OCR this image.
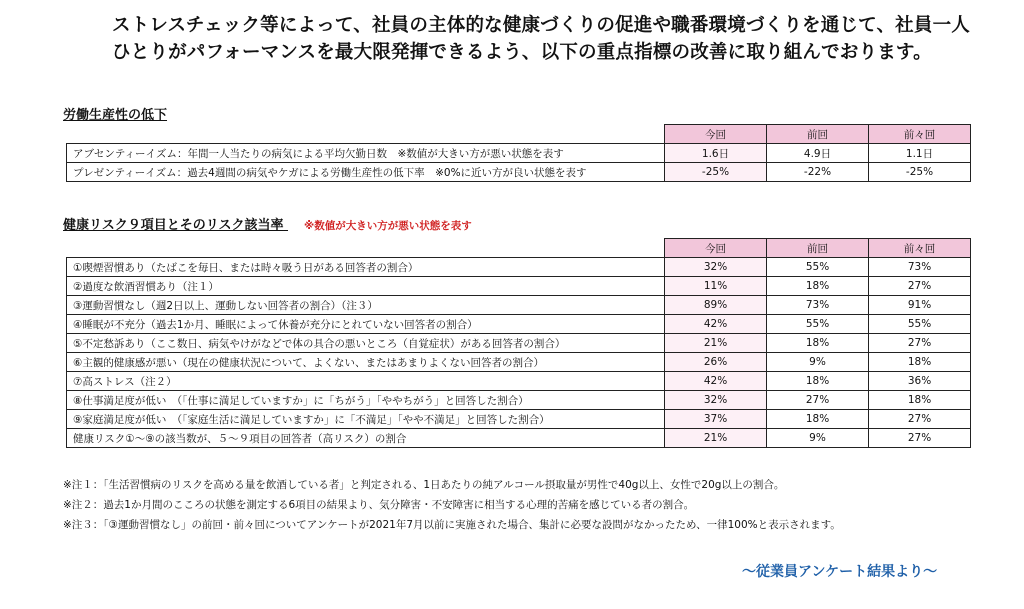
ストレスチェック等によって、社員の主体的な健康づくりの促進や職番環境づくりを通じて、社員一人
ひとりがパフォーマンスを最大限発揮できるよう、以下の重点指標の改善に取り組んでおります。
労働生産性の低下
	今回	前回	前々回
アブセンティーイズム：年間一人当たりの病気による平均欠勤日数　※数値が大きい方が悪い状態を表す	1.6日	4.9日	1.1日
プレゼンティーイズム：過去4週間の病気やケガによる労働生産性の低下率　※0%に近い方が良い状態を表す	-25%	-22%	-25%
健康リスク９項目とそのリスク該当率 ※数値が大きい方が悪い状態を表す
	今回	前回	前々回
①喫煙習慣あり（たばこを毎日、または時々吸う日がある回答者の割合）	32%	55%	73%
②過度な飲酒習慣あり（注１）	11%	18%	27%
③運動習慣なし（週2日以上、運動しない回答者の割合）（注３）	89%	73%	91%
④睡眠が不充分（過去1か月、睡眠によって休養が充分にとれていない回答者の割合）	42%	55%	55%
⑤不定愁訴あり（ここ数日、病気やけがなどで体の具合の悪いところ（自覚症状）がある回答者の割合）	21%	18%	27%
⑥主観的健康感が悪い（現在の健康状況について、よくない、またはあまりよくない回答者の割合）	26%	9%	18%
⑦高ストレス（注２）	42%	18%	36%
⑧仕事満足度が低い　（「仕事に満足していますか」に「ちがう」「ややちがう」と回答した割合）	32%	27%	18%
⑨家庭満足度が低い　（「家庭生活に満足していますか」に「不満足」「やや不満足」と回答した割合）	37%	18%	27%
健康リスク①～⑨の該当数が、５～９項目の回答者（高リスク）の割合	21%	9%	27%
※注１：「生活習慣病のリスクを高める量を飲酒している者」と判定される、1日あたりの純アルコール摂取量が男性で40g以上、女性で20g以上の割合。
※注２：過去1か月間のこころの状態を測定する6項目の結果より、気分障害・不安障害に相当する心理的苦痛を感じている者の割合。
※注３：「③運動習慣なし」の前回・前々回についてアンケートが2021年7月以前に実施された場合、集計に必要な設問がなかったため、一律100%と表示されます。
～従業員アンケート結果より～
